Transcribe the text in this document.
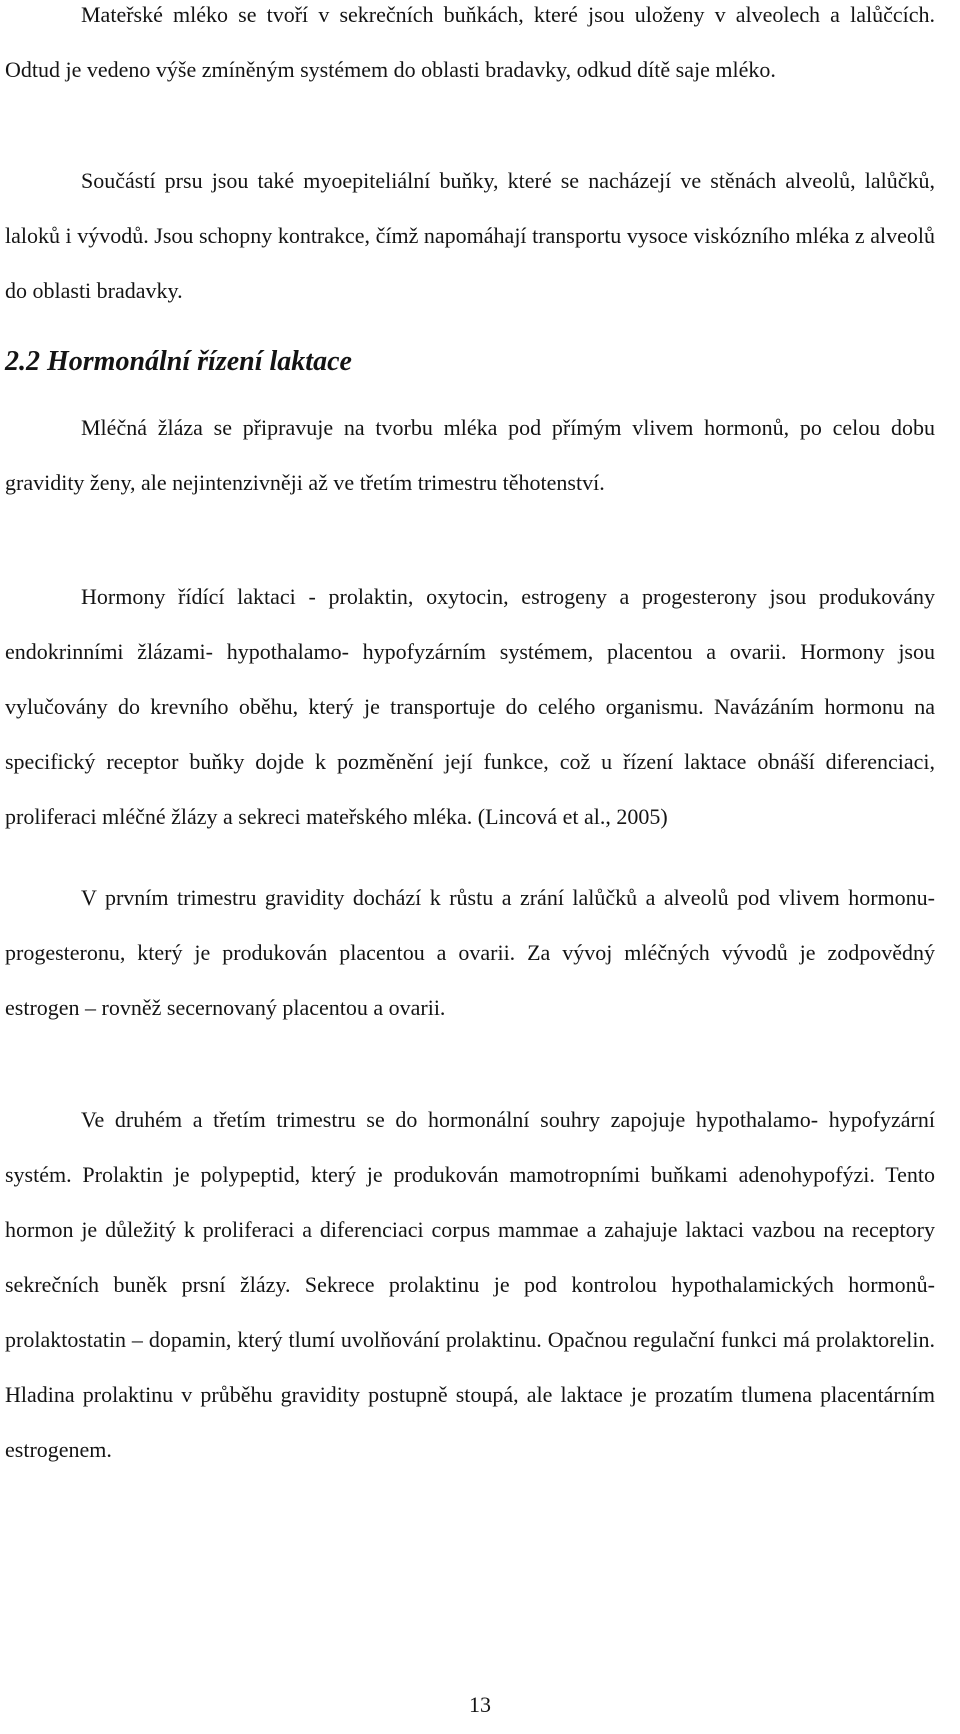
Mateřské mléko se tvoří v sekrečních buňkách, které jsou uloženy v alveolech a lalůčcích. Odtud je vedeno výše zmíněným systémem do oblasti bradavky, odkud dítě saje mléko.

Součástí prsu jsou také myoepiteliální buňky, které se nacházejí ve stěnách alveolů, lalůčků, laloků i vývodů. Jsou schopny kontrakce, čímž napomáhají transportu vysoce viskózního mléka z alveolů do oblasti bradavky.

2.2 Hormonální řízení laktace

Mléčná žláza se připravuje na tvorbu mléka pod přímým vlivem hormonů, po celou dobu gravidity ženy, ale nejintenzivněji až ve třetím trimestru těhotenství.

Hormony řídící laktaci - prolaktin, oxytocin, estrogeny a progesterony jsou produkovány endokrinními žlázami- hypothalamo- hypofyzárním systémem, placentou a ovarii. Hormony jsou vylučovány do krevního oběhu, který je transportuje do celého organismu. Navázáním hormonu na specifický receptor buňky dojde k pozměnění její funkce, což u řízení laktace obnáší diferenciaci, proliferaci mléčné žlázy a sekreci mateřského mléka. (Lincová et al., 2005)

V prvním trimestru gravidity dochází k růstu a zrání lalůčků a alveolů pod vlivem hormonu- progesteronu, který je produkován placentou a ovarii. Za vývoj mléčných vývodů je zodpovědný estrogen – rovněž secernovaný placentou a ovarii.

Ve druhém a třetím trimestru se do hormonální souhry zapojuje hypothalamo- hypofyzární systém. Prolaktin je polypeptid, který je produkován mamotropními buňkami adenohypofýzi. Tento hormon je důležitý k proliferaci a diferenciaci corpus mammae a zahajuje laktaci vazbou na receptory sekrečních buněk prsní žlázy. Sekrece prolaktinu je pod kontrolou hypothalamických hormonů- prolaktostatin – dopamin, který tlumí uvolňování prolaktinu. Opačnou regulační funkci má prolaktorelin. Hladina prolaktinu v průběhu gravidity postupně stoupá, ale laktace je prozatím tlumena placentárním estrogenem.

13
